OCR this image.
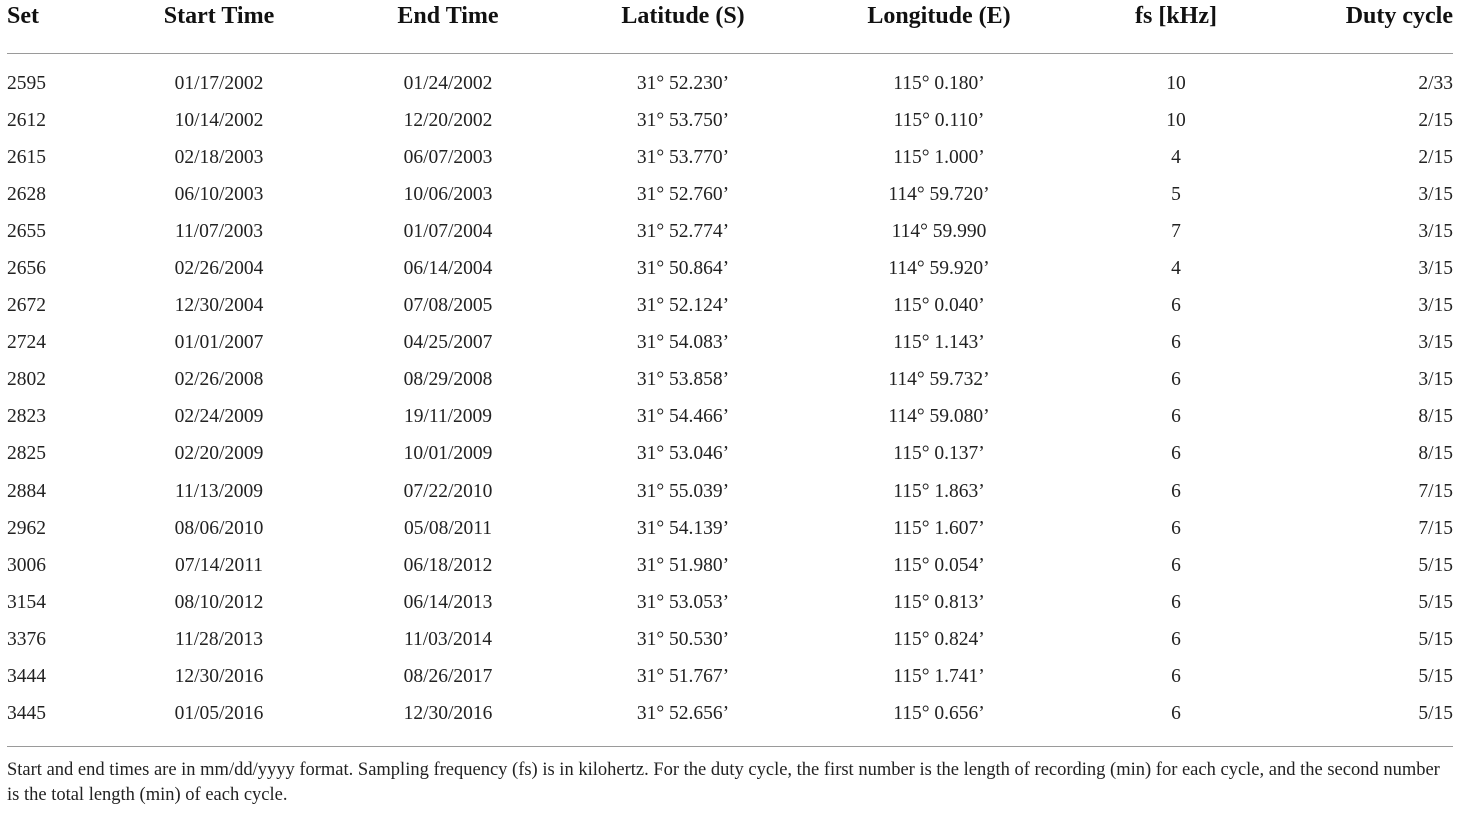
Set	Start Time	End Time	Latitude (S)	Longitude (E)	fs [kHz]	Duty cycle
2595	01/17/2002	01/24/2002	31° 52.230’	115° 0.180’	10	2/33
2612	10/14/2002	12/20/2002	31° 53.750’	115° 0.110’	10	2/15
2615	02/18/2003	06/07/2003	31° 53.770’	115° 1.000’	4	2/15
2628	06/10/2003	10/06/2003	31° 52.760’	114° 59.720’	5	3/15
2655	11/07/2003	01/07/2004	31° 52.774’	114° 59.990	7	3/15
2656	02/26/2004	06/14/2004	31° 50.864’	114° 59.920’	4	3/15
2672	12/30/2004	07/08/2005	31° 52.124’	115° 0.040’	6	3/15
2724	01/01/2007	04/25/2007	31° 54.083’	115° 1.143’	6	3/15
2802	02/26/2008	08/29/2008	31° 53.858’	114° 59.732’	6	3/15
2823	02/24/2009	19/11/2009	31° 54.466’	114° 59.080’	6	8/15
2825	02/20/2009	10/01/2009	31° 53.046’	115° 0.137’	6	8/15
2884	11/13/2009	07/22/2010	31° 55.039’	115° 1.863’	6	7/15
2962	08/06/2010	05/08/2011	31° 54.139’	115° 1.607’	6	7/15
3006	07/14/2011	06/18/2012	31° 51.980’	115° 0.054’	6	5/15
3154	08/10/2012	06/14/2013	31° 53.053’	115° 0.813’	6	5/15
3376	11/28/2013	11/03/2014	31° 50.530’	115° 0.824’	6	5/15
3444	12/30/2016	08/26/2017	31° 51.767’	115° 1.741’	6	5/15
3445	01/05/2016	12/30/2016	31° 52.656’	115° 0.656’	6	5/15
Start and end times are in mm/dd/yyyy format. Sampling frequency (fs) is in kilohertz. For the duty cycle, the first number is the length of recording (min) for each cycle, and the second number is the total length (min) of each cycle.
